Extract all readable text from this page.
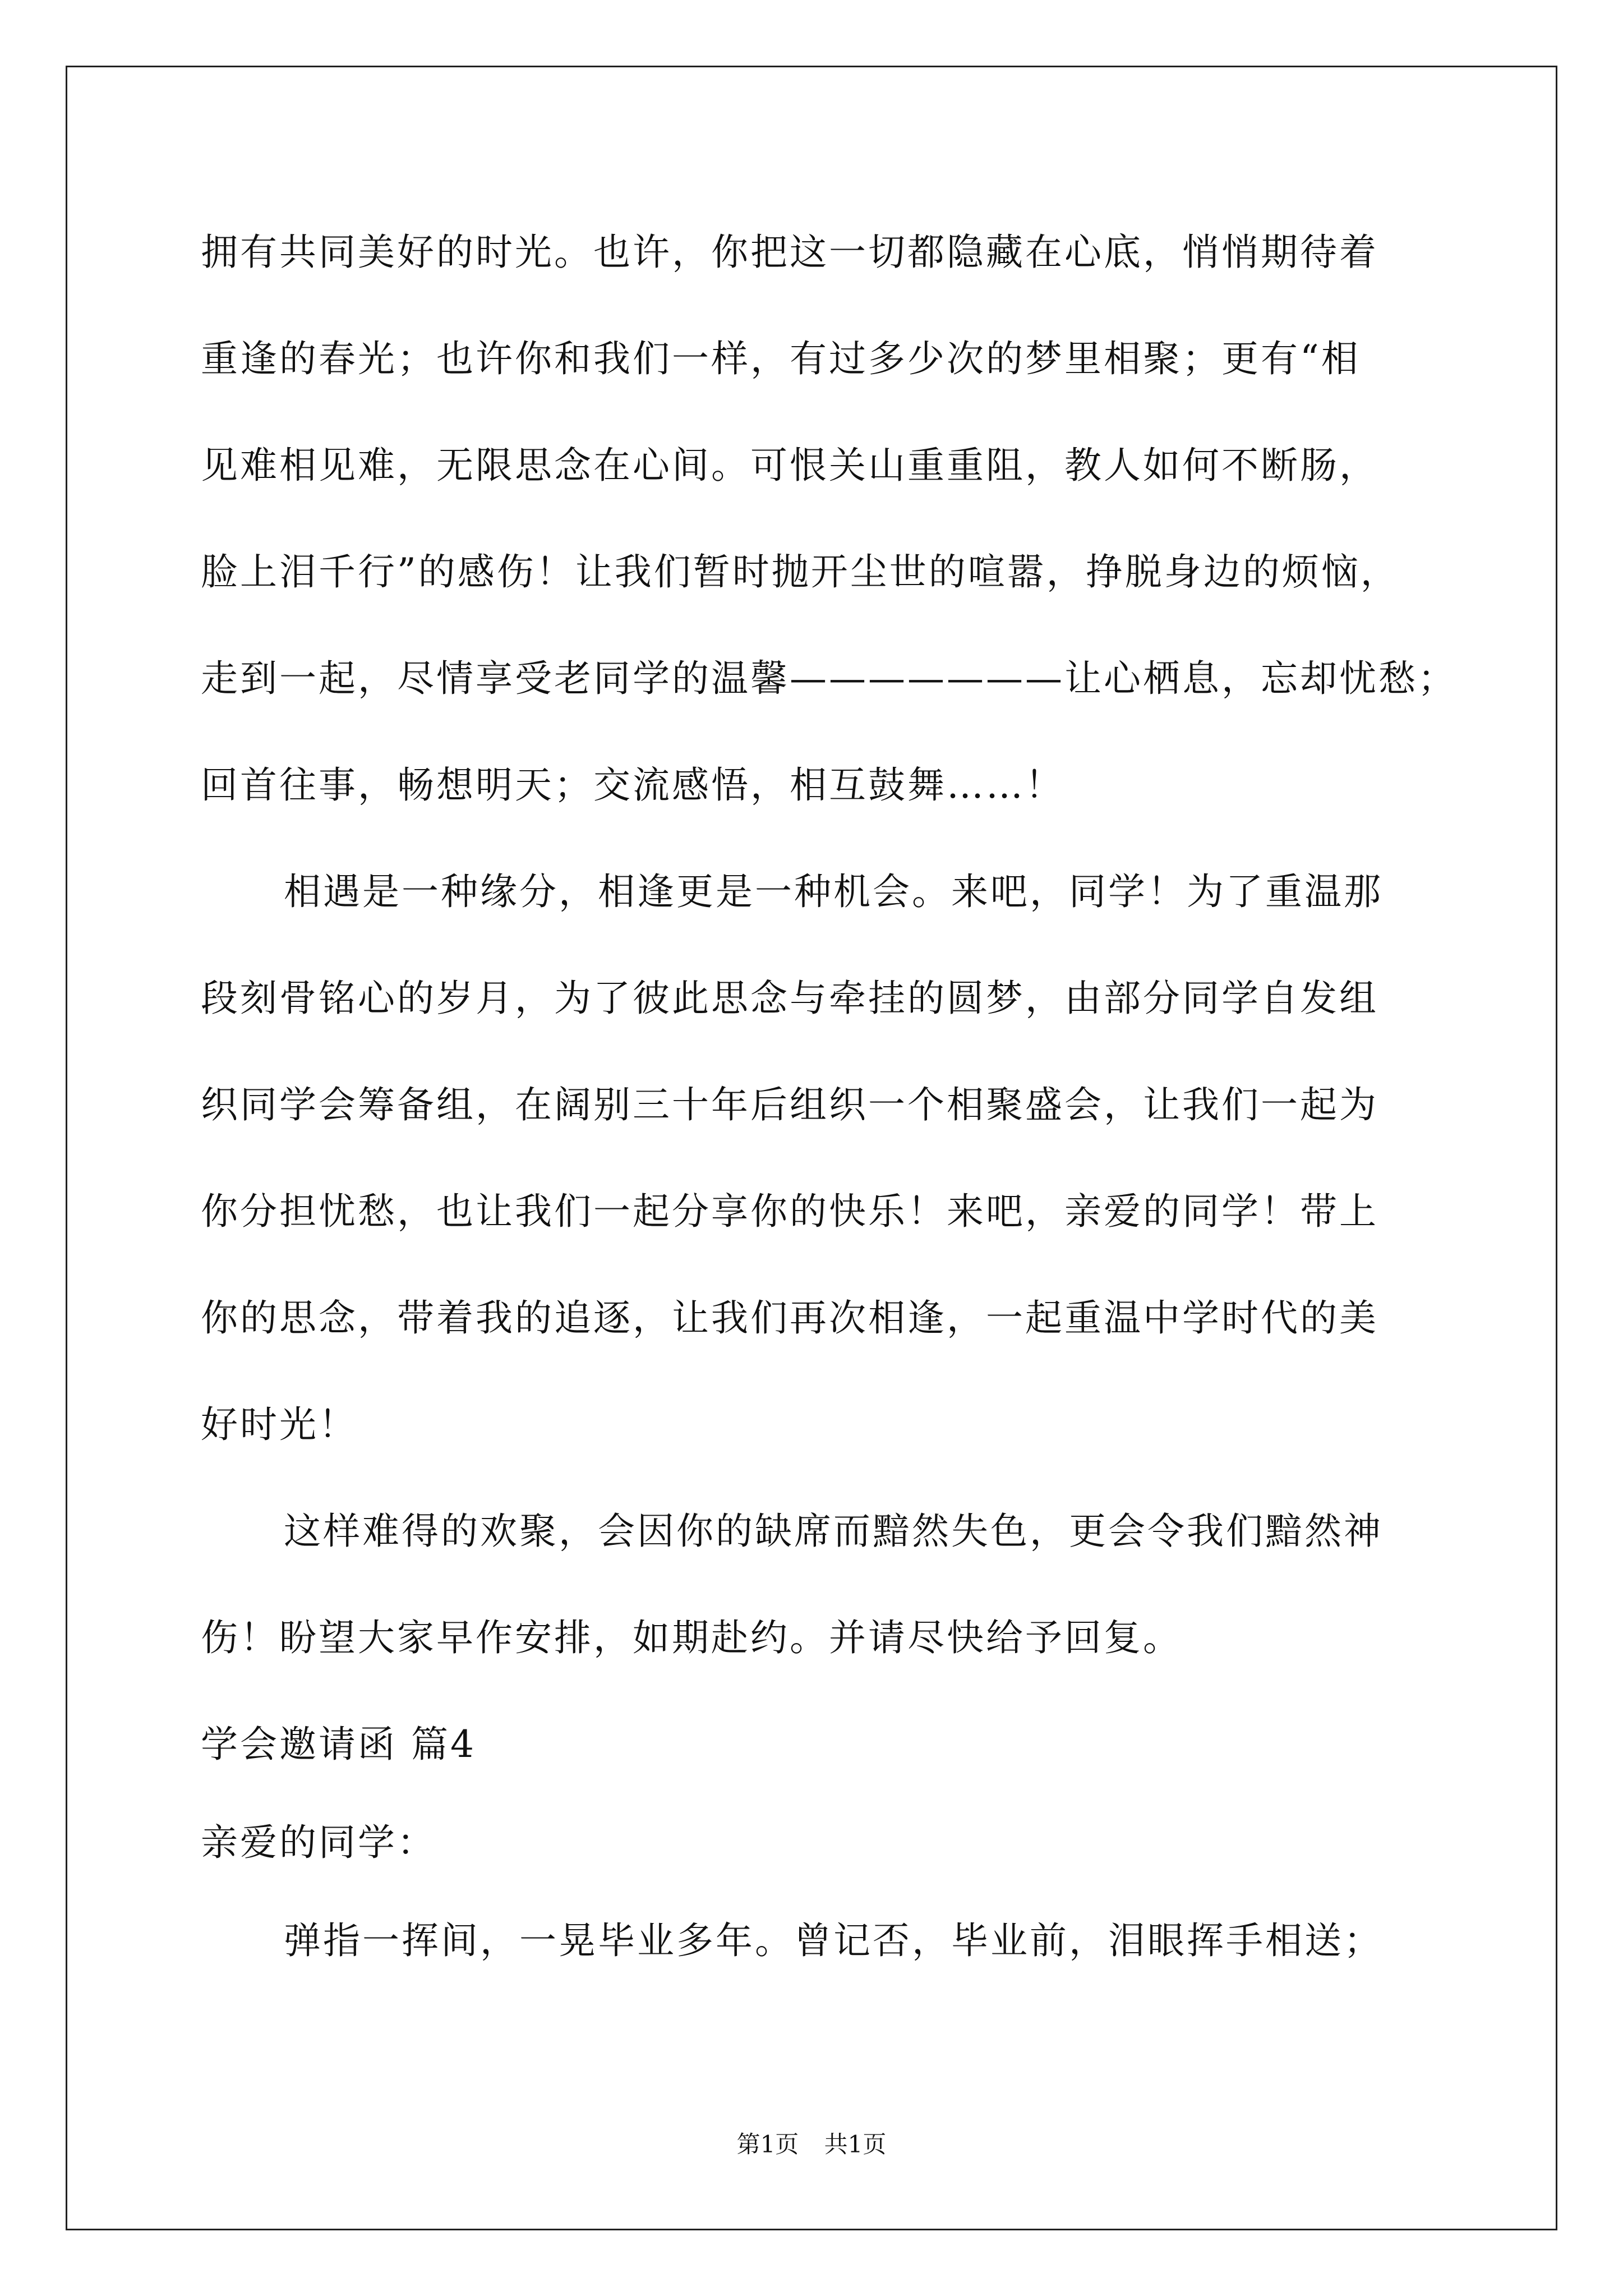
拥有共同美好的时光。也许，你把这一切都隐藏在心底，悄悄期待着
重逢的春光；也许你和我们一样，有过多少次的梦里相聚；更有“相
见难相见难，无限思念在心间。可恨关山重重阻，教人如何不断肠，
脸上泪千行”的感伤！让我们暂时抛开尘世的喧嚣，挣脱身边的烦恼，
走到一起，尽情享受老同学的温馨———————让心栖息，忘却忧愁；
回首往事，畅想明天；交流感悟，相互鼓舞……！
相遇是一种缘分，相逢更是一种机会。来吧，同学！为了重温那
段刻骨铭心的岁月，为了彼此思念与牵挂的圆梦，由部分同学自发组
织同学会筹备组，在阔别三十年后组织一个相聚盛会，让我们一起为
你分担忧愁，也让我们一起分享你的快乐！来吧，亲爱的同学！带上
你的思念，带着我的追逐，让我们再次相逢，一起重温中学时代的美
好时光！
这样难得的欢聚，会因你的缺席而黯然失色，更会令我们黯然神
伤！盼望大家早作安排，如期赴约。并请尽快给予回复。
学会邀请函 篇4
亲爱的同学：
弹指一挥间，一晃毕业多年。曾记否，毕业前，泪眼挥手相送；
第1页 共1页
